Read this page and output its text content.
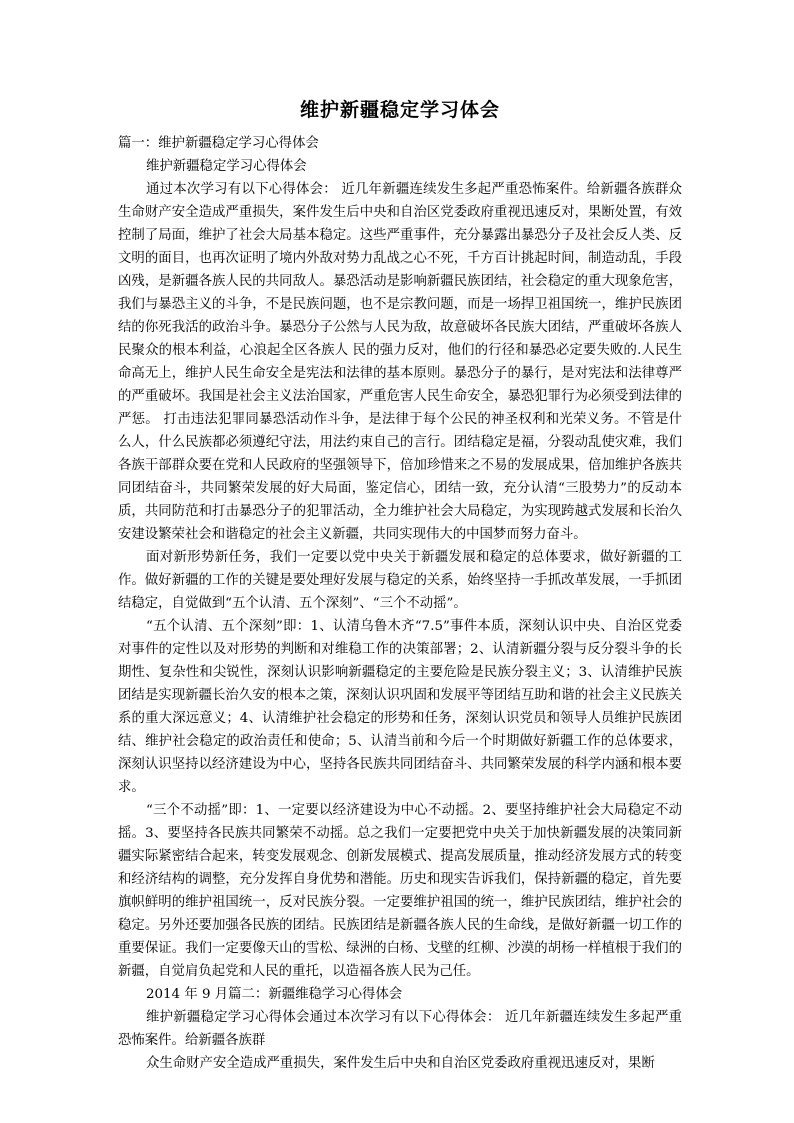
维护新疆稳定学习体会

篇一：维护新疆稳定学习心得体会

维护新疆稳定学习心得体会

通过本次学习有以下心得体会： 近几年新疆连续发生多起严重恐怖案件。给新疆各族群众生命财产安全造成严重损失，案件发生后中央和自治区党委政府重视迅速反对，果断处置，有效控制了局面，维护了社会大局基本稳定。这些严重事件，充分暴露出暴恐分子及社会反人类、反文明的面目，也再次证明了境内外敌对势力乱战之心不死，千方百计挑起时间，制造动乱，手段凶残，是新疆各族人民的共同敌人。暴恐活动是影响新疆民族团结，社会稳定的重大现象危害，我们与暴恐主义的斗争，不是民族问题，也不是宗教问题，而是一场捍卫祖国统一，维护民族团结的你死我活的政治斗争。暴恐分子公然与人民为敌，故意破坏各民族大团结，严重破坏各族人民聚众的根本利益，心浪起全区各族人 民的强力反对，他们的行径和暴恐必定要失败的.人民生命高无上，维护人民生命安全是宪法和法律的基本原则。暴恐分子的暴行，是对宪法和法律尊严的严重破坏。我国是社会主义法治国家，严重危害人民生命安全，暴恐犯罪行为必须受到法律的严惩。 打击违法犯罪同暴恐活动作斗争，是法律于每个公民的神圣权利和光荣义务。不管是什么人，什么民族都必须遵纪守法，用法约束自己的言行。团结稳定是福，分裂动乱使灾难，我们各族干部群众要在党和人民政府的坚强领导下，倍加珍惜来之不易的发展成果，倍加维护各族共同团结奋斗，共同繁荣发展的好大局面，鉴定信心，团结一致，充分认清“三股势力”的反动本质，共同防范和打击暴恐分子的犯罪活动，全力维护社会大局稳定，为实现跨越式发展和长治久安建设繁荣社会和谐稳定的社会主义新疆，共同实现伟大的中国梦而努力奋斗。

面对新形势新任务，我们一定要以党中央关于新疆发展和稳定的总体要求，做好新疆的工作。做好新疆的工作的关键是要处理好发展与稳定的关系，始终坚持一手抓改革发展，一手抓团结稳定，自觉做到“五个认清、五个深刻”、“三个不动摇”。

“五个认清、五个深刻”即：1、认清乌鲁木齐“7.5”事件本质，深刻认识中央、自治区党委对事件的定性以及对形势的判断和对维稳工作的决策部署；2、认清新疆分裂与反分裂斗争的长期性、复杂性和尖锐性，深刻认识影响新疆稳定的主要危险是民族分裂主义；3、认清维护民族团结是实现新疆长治久安的根本之策，深刻认识巩固和发展平等团结互助和谐的社会主义民族关系的重大深远意义；4、认清维护社会稳定的形势和任务，深刻认识党员和领导人员维护民族团结、维护社会稳定的政治责任和使命；5、认清当前和今后一个时期做好新疆工作的总体要求，深刻认识坚持以经济建设为中心，坚持各民族共同团结奋斗、共同繁荣发展的科学内涵和根本要求。

“三个不动摇”即：1、一定要以经济建设为中心不动摇。2、要坚持维护社会大局稳定不动摇。3、要坚持各民族共同繁荣不动摇。总之我们一定要把党中央关于加快新疆发展的决策同新疆实际紧密结合起来，转变发展观念、创新发展模式、提高发展质量，推动经济发展方式的转变和经济结构的调整，充分发挥自身优势和潜能。历史和现实告诉我们，保持新疆的稳定，首先要旗帜鲜明的维护祖国统一，反对民族分裂。一定要维护祖国的统一，维护民族团结，维护社会的稳定。另外还要加强各民族的团结。民族团结是新疆各族人民的生命线，是做好新疆一切工作的重要保证。我们一定要像天山的雪松、绿洲的白杨、戈壁的红柳、沙漠的胡杨一样植根于我们的新疆，自觉肩负起党和人民的重托，以造福各族人民为己任。

2014 年 9 月篇二：新疆维稳学习心得体会

维护新疆稳定学习心得体会通过本次学习有以下心得体会： 近几年新疆连续发生多起严重恐怖案件。给新疆各族群

众生命财产安全造成严重损失，案件发生后中央和自治区党委政府重视迅速反对，果断
